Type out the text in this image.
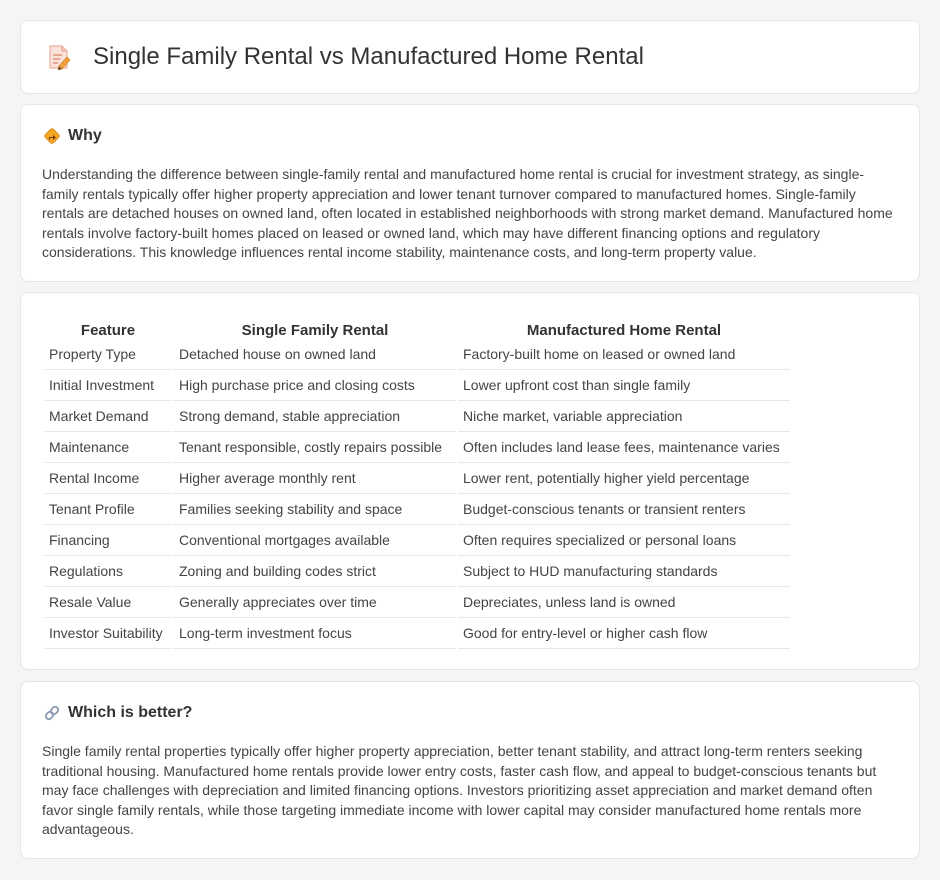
Single Family Rental vs Manufactured Home Rental
Why

Understanding the difference between single-family rental and manufactured home rental is crucial for investment strategy, as single-family rentals typically offer higher property appreciation and lower tenant turnover compared to manufactured homes. Single-family rentals are detached houses on owned land, often located in established neighborhoods with strong market demand. Manufactured home rentals involve factory-built homes placed on leased or owned land, which may have different financing options and regulatory considerations. This knowledge influences rental income stability, maintenance costs, and long-term property value.

Feature	Single Family Rental	Manufactured Home Rental
Property Type	Detached house on owned land	Factory-built home on leased or owned land
Initial Investment	High purchase price and closing costs	Lower upfront cost than single family
Market Demand	Strong demand, stable appreciation	Niche market, variable appreciation
Maintenance	Tenant responsible, costly repairs possible	Often includes land lease fees, maintenance varies
Rental Income	Higher average monthly rent	Lower rent, potentially higher yield percentage
Tenant Profile	Families seeking stability and space	Budget-conscious tenants or transient renters
Financing	Conventional mortgages available	Often requires specialized or personal loans
Regulations	Zoning and building codes strict	Subject to HUD manufacturing standards
Resale Value	Generally appreciates over time	Depreciates, unless land is owned
Investor Suitability	Long-term investment focus	Good for entry-level or higher cash flow
Which is better?

Single family rental properties typically offer higher property appreciation, better tenant stability, and attract long-term renters seeking traditional housing. Manufactured home rentals provide lower entry costs, faster cash flow, and appeal to budget-conscious tenants but may face challenges with depreciation and limited financing options. Investors prioritizing asset appreciation and market demand often favor single family rentals, while those targeting immediate income with lower capital may consider manufactured home rentals more advantageous.
